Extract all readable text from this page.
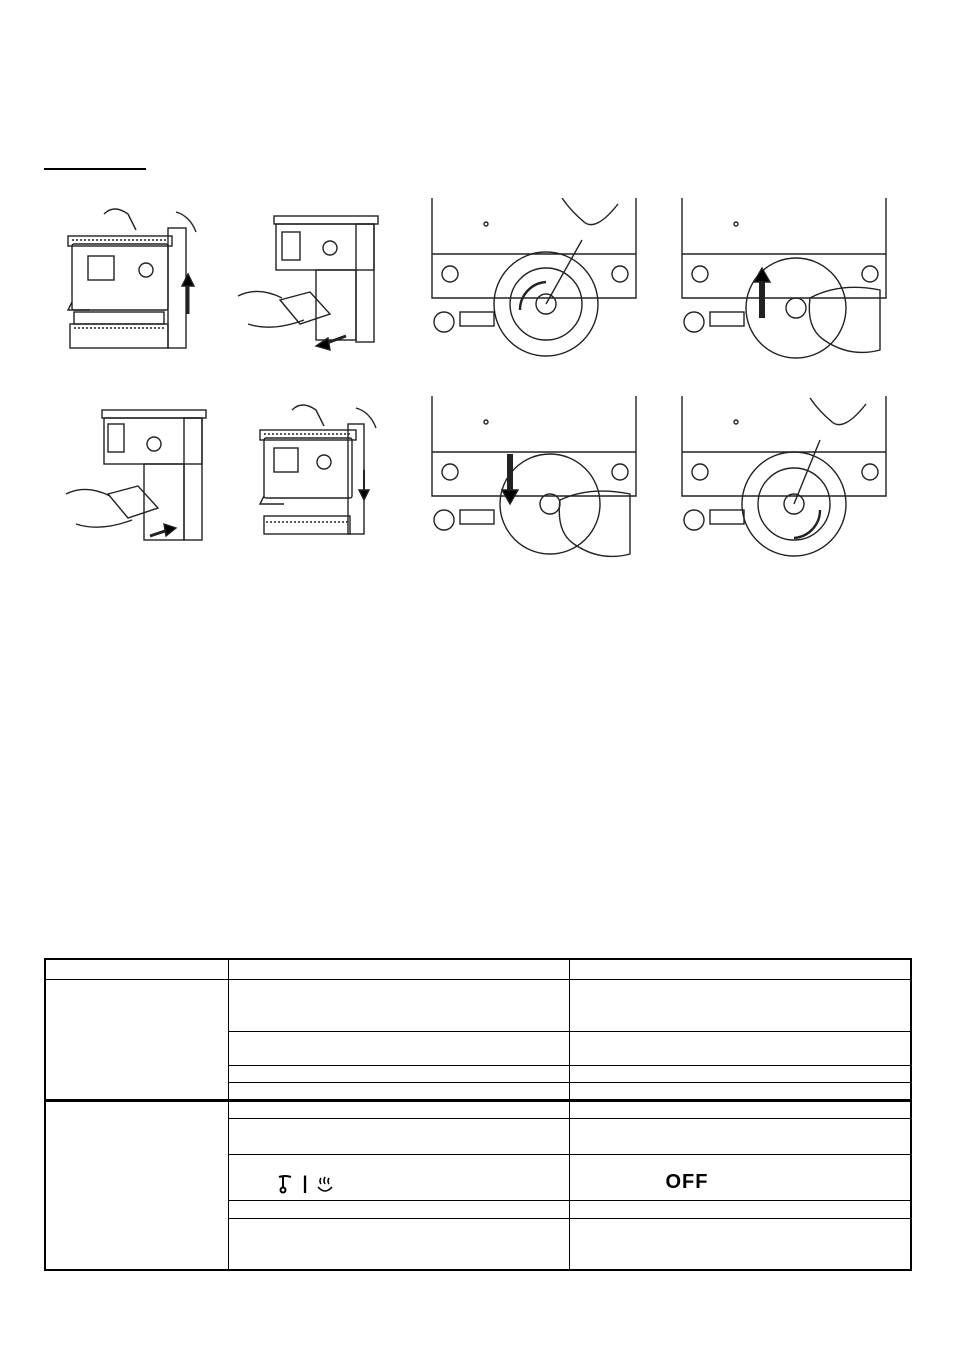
	|	OFF
